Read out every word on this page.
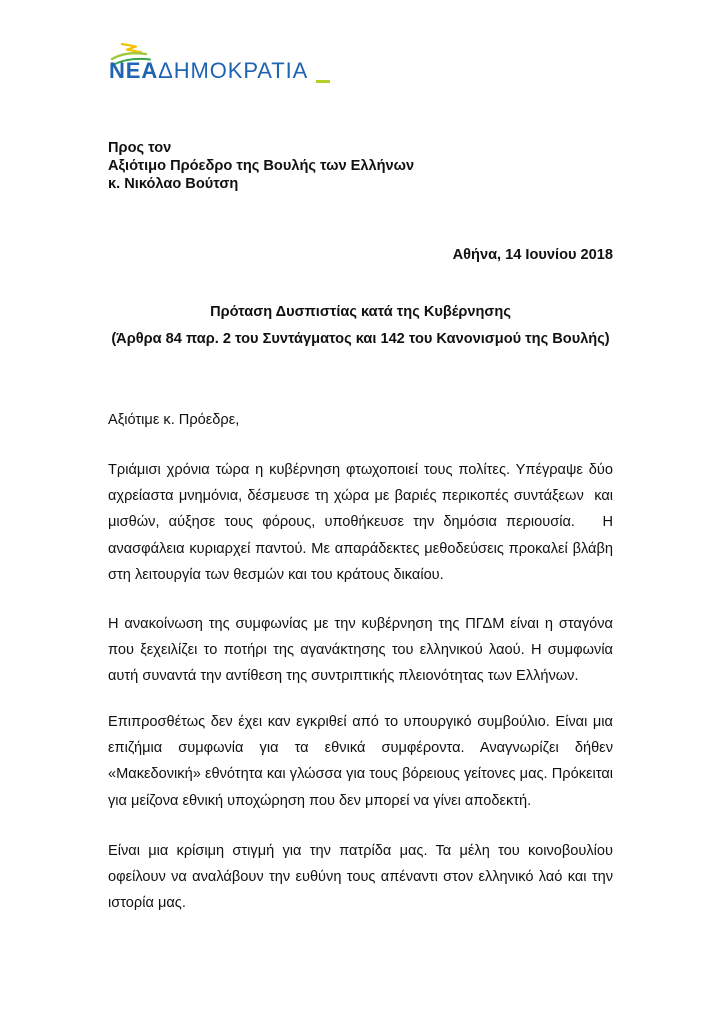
ΝΕΑΔΗΜΟΚΡΑΤΙΑ
Προς τον
Αξιότιμο Πρόεδρο της Βουλής των Ελλήνων
κ. Νικόλαο Βούτση
Αθήνα, 14 Ιουνίου 2018
Πρόταση Δυσπιστίας κατά της Κυβέρνησης
(Άρθρα 84 παρ. 2 του Συντάγματος και 142 του Κανονισμού της Βουλής)
Αξιότιμε κ. Πρόεδρε,
Τριάμισι χρόνια τώρα η κυβέρνηση φτωχοποιεί τους πολίτες. Υπέγραψε δύο
αχρείαστα μνημόνια, δέσμευσε τη χώρα με βαριές περικοπές συντάξεων  και
μισθών, αύξησε τους φόρους, υποθήκευσε την δημόσια περιουσία.   Η
ανασφάλεια κυριαρχεί παντού. Με απαράδεκτες μεθοδεύσεις προκαλεί βλάβη
στη λειτουργία των θεσμών και του κράτους δικαίου.
Η ανακοίνωση της συμφωνίας με την κυβέρνηση της ΠΓΔΜ είναι η σταγόνα
που ξεχειλίζει το ποτήρι της αγανάκτησης του ελληνικού λαού. Η συμφωνία
αυτή συναντά την αντίθεση της συντριπτικής πλειονότητας των Ελλήνων.
Επιπροσθέτως δεν έχει καν εγκριθεί από το υπουργικό συμβούλιο. Είναι μια
επιζήμια συμφωνία για τα εθνικά συμφέροντα. Αναγνωρίζει δήθεν
«Μακεδονική» εθνότητα και γλώσσα για τους βόρειους γείτονες μας. Πρόκειται
για μείζονα εθνική υποχώρηση που δεν μπορεί να γίνει αποδεκτή.
Είναι μια κρίσιμη στιγμή για την πατρίδα μας. Τα μέλη του κοινοβουλίου
οφείλουν να αναλάβουν την ευθύνη τους απέναντι στον ελληνικό λαό και την
ιστορία μας.
